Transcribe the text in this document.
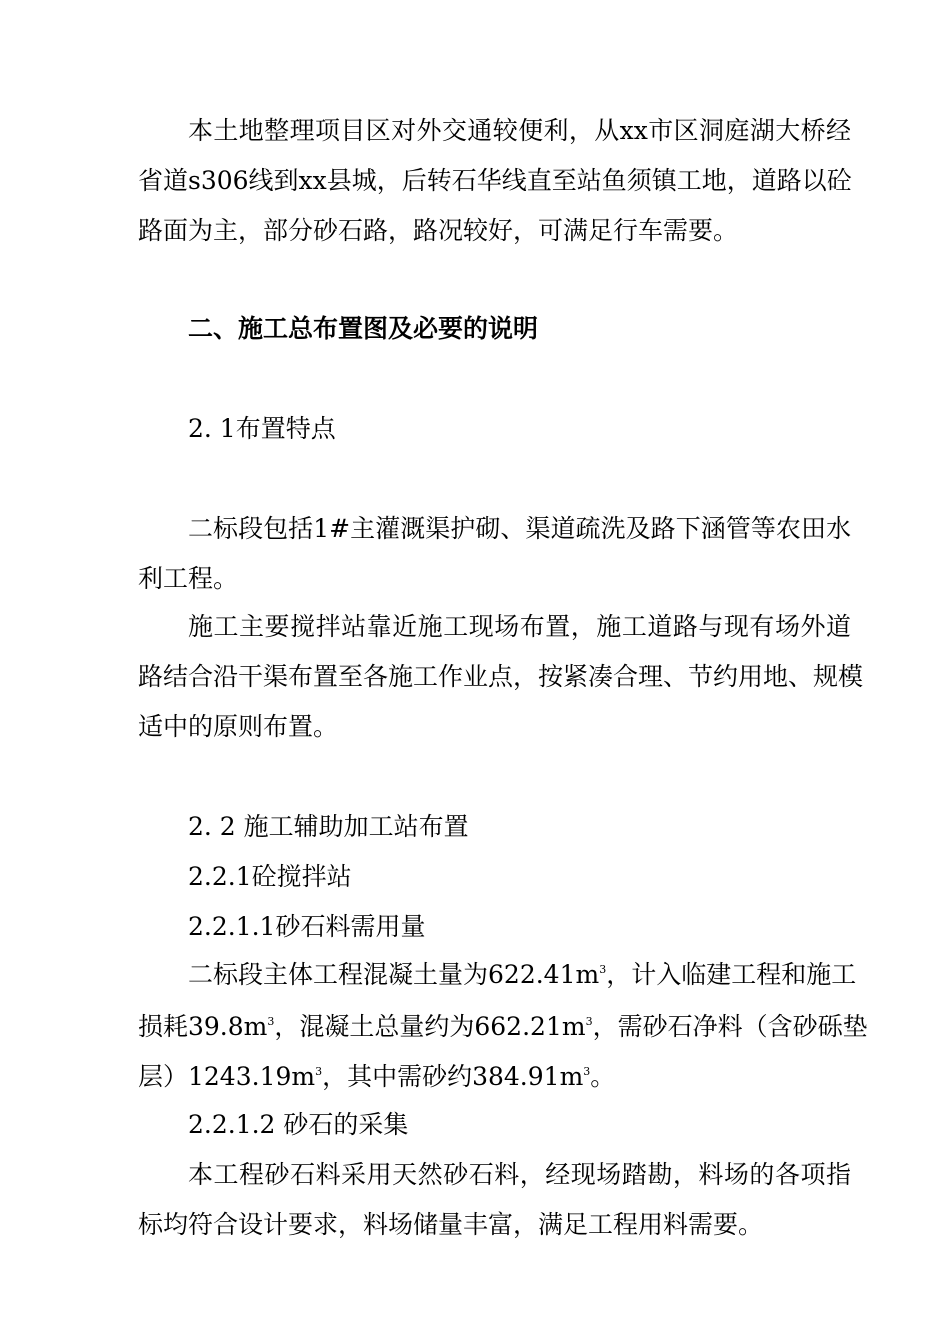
本土地整理项目区对外交通较便利，从xx市区洞庭湖大桥经
省道s306线到xx县城，后转石华线直至站鱼须镇工地，道路以砼
路面为主，部分砂石路，路况较好，可满足行车需要。
二、施工总布置图及必要的说明
2. 1布置特点
二标段包括1#主灌溉渠护砌、渠道疏洗及路下涵管等农田水
利工程。
施工主要搅拌站靠近施工现场布置，施工道路与现有场外道
路结合沿干渠布置至各施工作业点，按紧凑合理、节约用地、规模
适中的原则布置。
2. 2 施工辅助加工站布置
2.2.1砼搅拌站
2.2.1.1砂石料需用量
二标段主体工程混凝土量为$622.41m^3$，计入临建工程和施工
损耗$39.8m^3$，混凝土总量约为$662.21m^3$，需砂石净料（含砂砾垫
层）$1243.19m^3$，其中需砂约$384.91m^3$。
2.2.1.2 砂石的采集
本工程砂石料采用天然砂石料，经现场踏勘，料场的各项指
标均符合设计要求，料场储量丰富，满足工程用料需要。
